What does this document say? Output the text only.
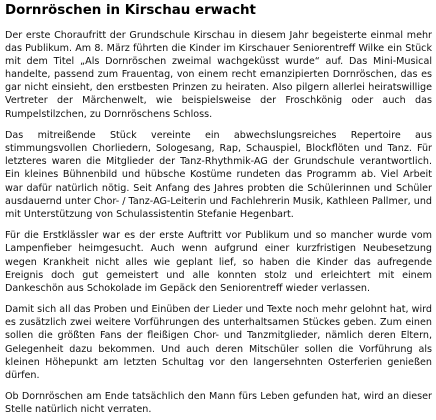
Dornröschen in Kirschau erwacht

Der erste Choraufritt der Grundschule Kirschau in diesem Jahr begeisterte einmal mehr das Publikum. Am 8. März führten die Kinder im Kirschauer Seniorentreff Wilke ein Stück mit dem Titel „Als Dornröschen zweimal wachgeküsst wurde“ auf. Das Mini-Musical handelte, passend zum Frauentag, von einem recht emanzipierten Dornröschen, das es gar nicht einsieht, den erstbesten Prinzen zu heiraten. Also pilgern allerlei heiratswillige Vertreter der Märchenwelt, wie beispielsweise der Froschkönig oder auch das Rumpelstilzchen, zu Dornröschens Schloss.

Das mitreißende Stück vereinte ein abwechslungsreiches Repertoire aus stimmungsvollen Chorliedern, Sologesang, Rap, Schauspiel, Blockflöten und Tanz. Für letzteres waren die Mitglieder der Tanz-Rhythmik-AG der Grundschule verantwortlich. Ein kleines Bühnenbild und hübsche Kostüme rundeten das Programm ab. Viel Arbeit war dafür natürlich nötig. Seit Anfang des Jahres probten die Schülerinnen und Schüler ausdauernd unter Chor- / Tanz-AG-Leiterin und Fachlehrerin Musik, Kathleen Pallmer, und mit Unterstützung von Schulassistentin Stefanie Hegenbart.

Für die Erstklässler war es der erste Auftritt vor Publikum und so mancher wurde vom Lampenfieber heimgesucht. Auch wenn aufgrund einer kurzfristigen Neubesetzung wegen Krankheit nicht alles wie geplant lief, so haben die Kinder das aufregende Ereignis doch gut gemeistert und alle konnten stolz und erleichtert mit einem Dankeschön aus Schokolade im Gepäck den Seniorentreff wieder verlassen.

Damit sich all das Proben und Einüben der Lieder und Texte noch mehr gelohnt hat, wird es zusätzlich zwei weitere Vorführungen des unterhaltsamen Stückes geben. Zum einen sollen die größten Fans der fleißigen Chor- und Tanzmitglieder, nämlich deren Eltern, Gelegenheit dazu bekommen. Und auch deren Mitschüler sollen die Vorführung als kleinen Höhepunkt am letzten Schultag vor den langersehnten Osterferien genießen dürfen.

Ob Dornröschen am Ende tatsächlich den Mann fürs Leben gefunden hat, wird an dieser Stelle natürlich nicht verraten.
